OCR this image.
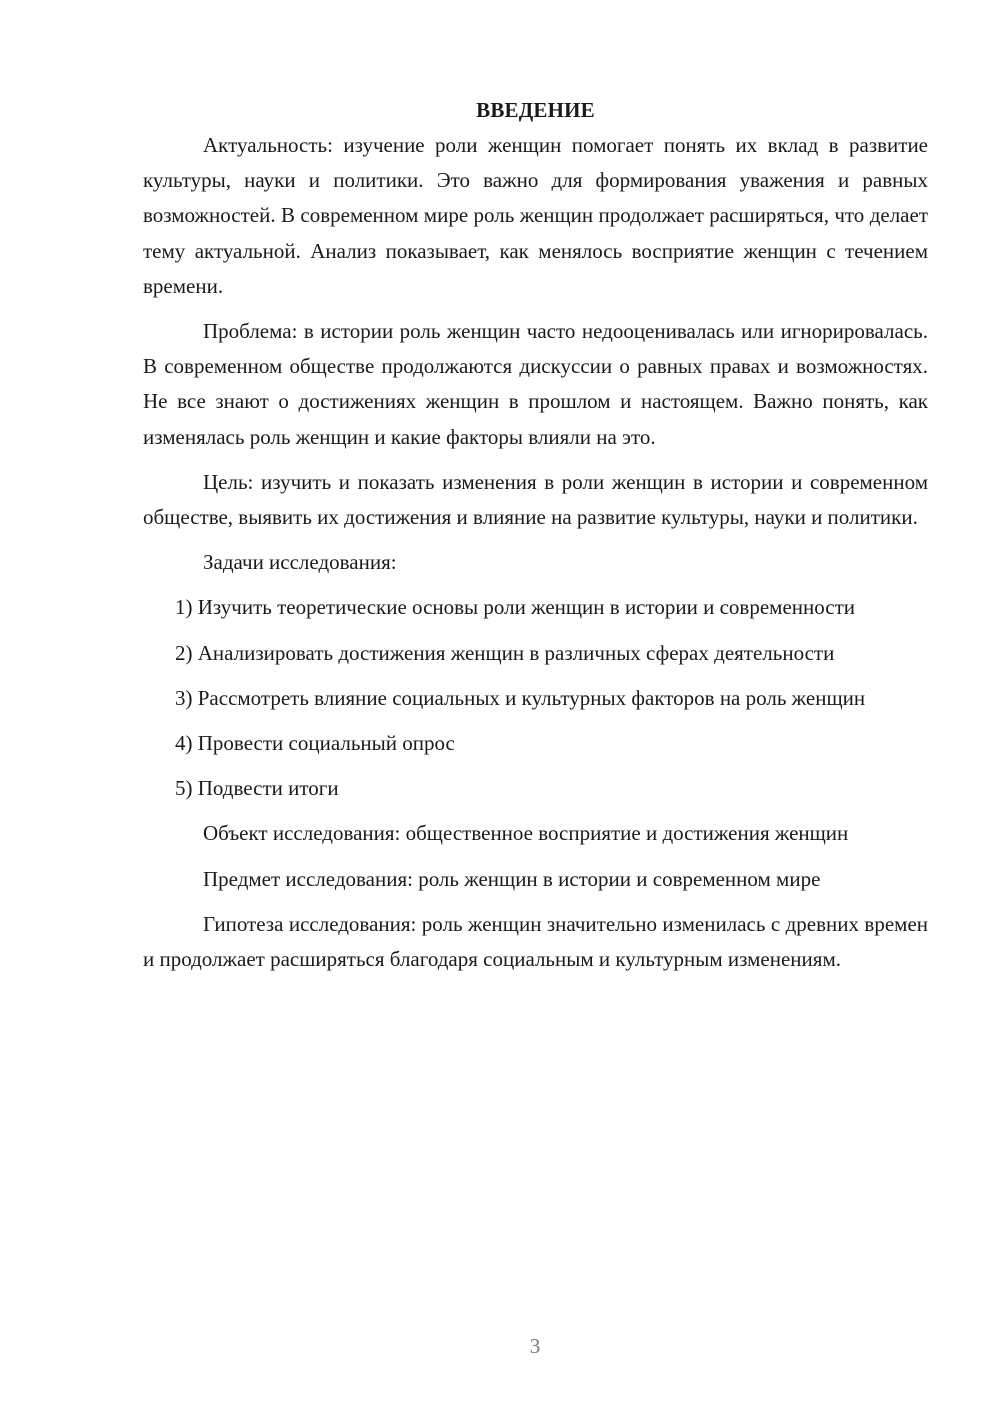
ВВЕДЕНИЕ

Актуальность: изучение роли женщин помогает понять их вклад в развитие культуры, науки и политики. Это важно для формирования уважения и равных возможностей. В современном мире роль женщин продолжает расширяться, что делает тему актуальной. Анализ показывает, как менялось восприятие женщин с течением времени.

Проблема: в истории роль женщин часто недооценивалась или игнорировалась. В современном обществе продолжаются дискуссии о равных правах и возможностях. Не все знают о достижениях женщин в прошлом и настоящем. Важно понять, как изменялась роль женщин и какие факторы влияли на это.

Цель: изучить и показать изменения в роли женщин в истории и современном обществе, выявить их достижения и влияние на развитие культуры, науки и политики.

Задачи исследования:

1) Изучить теоретические основы роли женщин в истории и современности

2) Анализировать достижения женщин в различных сферах деятельности

3) Рассмотреть влияние социальных и культурных факторов на роль женщин

4) Провести социальный опрос

5) Подвести итоги

Объект исследования: общественное восприятие и достижения женщин

Предмет исследования: роль женщин в истории и современном мире

Гипотеза исследования: роль женщин значительно изменилась с древних времен и продолжает расширяться благодаря социальным и культурным изменениям.

3
